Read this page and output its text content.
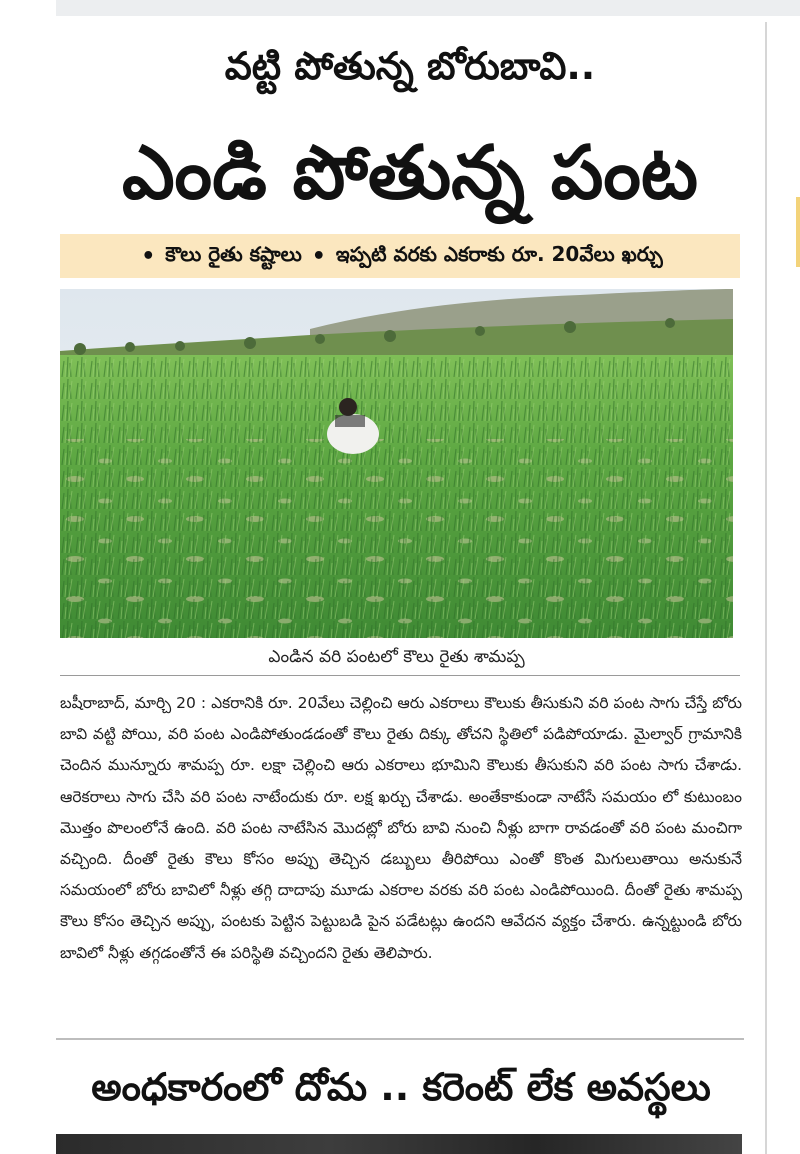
వట్టి పోతున్న బోరుబావి..
ఎండి పోతున్న పంట
• కౌలు రైతు కష్టాలు • ఇప్పటి వరకు ఎకరాకు రూ. 20వేలు ఖర్చు
ఎండిన వరి పంటలో కౌలు రైతు శామప్ప
బషీరాబాద్, మార్చి 20 : ఎకరానికి రూ. 20వేలు చెల్లించి ఆరు ఎకరాలు కౌలుకు తీసుకుని వరి పంట సాగు చేస్తే బోరు బావి వట్టి పోయి, వరి పంట ఎండిపోతుండడంతో కౌలు రైతు దిక్కు తోచని స్థితిలో పడిపోయాడు. మైల్వార్ గ్రామానికి చెందిన మున్నూరు శామప్ప రూ. లక్షా చెల్లించి ఆరు ఎకరాలు భూమిని కౌలుకు తీసుకుని వరి పంట సాగు చేశాడు. ఆరెకరాలు సాగు చేసి వరి పంట నాటేందుకు రూ. లక్ష ఖర్చు చేశాడు. అంతేకాకుండా నాటేసే సమయం లో కుటుంబం మొత్తం పొలంలోనే ఉంది. వరి పంట నాటేసిన మొదట్లో బోరు బావి నుంచి నీళ్లు బాగా రావడంతో వరి పంట మంచిగా వచ్చింది. దీంతో రైతు కౌలు కోసం అప్పు తెచ్చిన డబ్బులు తీరిపోయి ఎంతో కొంత మిగులుతాయి అనుకునే సమయంలో బోరు బావిలో నీళ్లు తగ్గి దాదాపు మూడు ఎకరాల వరకు వరి పంట ఎండిపోయింది. దీంతో రైతు శామప్ప కౌలు కోసం తెచ్చిన అప్పు, పంటకు పెట్టిన పెట్టుబడి పైన పడేటట్లు ఉందని ఆవేదన వ్యక్తం చేశారు. ఉన్నట్టుండి బోరు బావిలో నీళ్లు తగ్గడంతోనే ఈ పరిస్థితి వచ్చిందని రైతు తెలిపారు.
అంధకారంలో దోమ .. కరెంట్ లేక అవస్థలు
